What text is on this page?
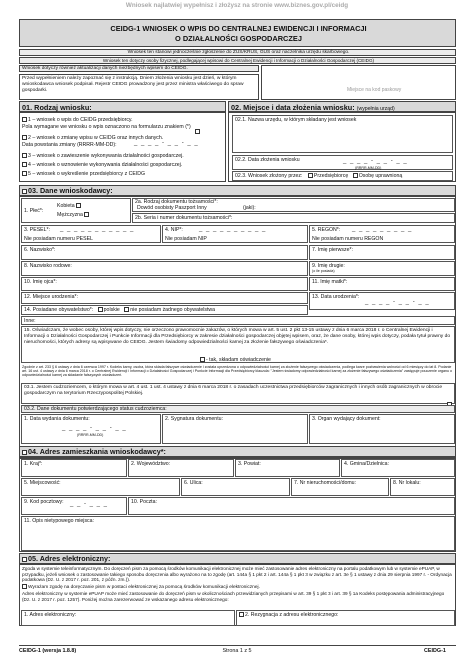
Wniosek najlatwiej wypełnisz i złożysz na stronie www.biznes.gov.pl/ceidg
CEIDG-1 WNIOSEK O WPIS DO CENTRALNEJ EWIDENCJI I INFORMACJI
O DZIAŁALNOŚCI GOSPODARCZEJ
Wniosek ten stanowi jednocześnie zgłoszenie do ZUS/KRUS, GUS oraz naczelnika urzędu skarbowego.
Wniosek ten dotyczy osoby fizycznej, podlegającej wpisowi do Centralnej Ewidencji i Informacji o Działalności Gospodarczej (CEIDG)
Wniosek dotyczy również aktualizacji danych niezbędnych wpisem do CEIDG.
Przed wypełnieniem należy zapoznać się z instrukcją. Dniem złożenia wniosku jest dzień, w którym wnioskodawca wniosek podpisał. Rejestr CEIDG prowadzony jest przez ministra właściwego do spraw gospodarki.	Miejsce na kod paskowy
01. Rodzaj wniosku:	02. Miejsce i data złożenia wniosku: (wypełnia urząd)
1 – wniosek o wpis do CEIDG przedsiębiorcy.
Pola wymagane we wniosku o wpis oznaczono na formularzu znakiem (*)
2 – wniosek o zmianę wpisu w CEIDG oraz innych danych.
Data powstania zmiany (RRRR-MM-DD):	_ _ _ _ - _ _ - _ _
3 – wniosek o zawieszenie wykonywania działalności gospodarczej.
4 – wniosek o wznowienie wykonywania działalności gospodarczej.
5 – wniosek o wykreślenie przedsiębiorcy z CEIDG
02.1. Nazwa urzędu, w którym składany jest wniosek
02.2. Data złożenia wniosku	_ _ _ _ - _ _ - _ _
(RRRR-MM-DD)
02.3. Wniosek złożony przez: Przedsiębiorcę Osobę uprawnioną
03. Dane wnioskodawcy:
1. Płeć*:
Kobieta
Mężczyzna
2a. Rodzaj dokumentu tożsamości*:
Dowód osobisty Paszport Inny	(jaki):
2b. Seria i numer dokumentu tożsamości*:
3. PESEL*: _ _ _ _ _ _ _ _ _ _ _
Nie posiadam numeru PESEL
4. NIP*:	_ _ _ _ _ _ _ _ _ _
Nie posiadam NIP
5. REGON*: _ _ _ _ _ _ _ _ _
Nie posiadam numeru REGON
6. Nazwisko*:	7. Imię pierwsze*:
8. Nazwisko rodowe:	9. Imię drugie:
(o ile posiada)
10. Imię ojca*:	11. Imię matki*:
12. Miejsce urodzenia*:	13. Data urodzenia*:
_ _ _ _ - _ _ - _ _
14. Posiadane obywatelstwo*: polskie nie posiadam żadnego obywatelstwa
Inne:
15. Oświadczam, że wobec osoby, której wpis dotyczy, nie orzeczono prawomocnie zakazów, o których mowa w art. 5 ust. 2 pkt 13-15 ustawy z dnia 6 marca 2018 r. o Centralnej Ewidencji i Informacji o Działalności Gospodarczej i Punkcie Informacji dla Przedsiębiorcy w zakresie działalności gospodarczej objętej wpisem, oraz, że dane osoby, której wpis dotyczy, podała tytuł prawny do nieruchomości, których adresy są wpisywane do CEIDG. Jestem świadomy odpowiedzialności karnej za złożenie fałszywego oświadczenia*.
- tak, składam oświadczenie
Zgodnie z art. 233 § 6 ustawy z dnia 6 czerwca 1997 r. Kodeks karny, osoba, która składa fałszywe oświadczenie i została uprzedzona o odpowiedzialności karnej za złożenie fałszywego oświadczenia, podlega karze pozbawienia wolności od 6 miesięcy do lat 8. Podanie art. 16 ust. 4 ustawy z dnia 6 marca 2018 r. o Centralnej Ewidencji i Informacji o Działalności Gospodarczej i Punkcie Informacji dla Przedsiębiorcy klauzula: "Jestem świadomy odpowiedzialności karnej za złożenie fałszywego oświadczenia" zastępuje pouczenie organu o odpowiedzialności karnej za składanie fałszywych oświadczeń.
03.1. Jestem cudzoziemcem, o którym mowa w art. 4 ust. 1 ust. 4 ustawy z dnia 6 marca 2018 r. o zasadach uczestnictwa przedsiębiorców zagranicznych i innych osób zagranicznych w obrocie gospodarczym na terytorium Rzeczypospolitej Polskiej.
03.2. Dane dokumentu potwierdzającego status cudzoziemca:
1. Data wydania dokumentu:
_ _ _ _ - _ _ - _ _
(RRRR-MM-DD)
2. Sygnatura dokumentu:	3. Organ wydający dokument:
04. Adres zamieszkania wnioskodawcy*:
1. Kraj*:	2. Województwo:	3. Powiat:	4. Gmina/Dzielnica:
5. Miejscowość:	6. Ulica:	7. Nr nieruchomości/domu:	8. Nr lokalu:
9. Kod pocztowy: _ _ - _ _ _	10. Poczta:
11. Opis nietypowego miejsca:
05. Adres elektroniczny:
Zgoda w systemie teleinformatycznym. Do doręczeń pism za pomocą środków komunikacji elektronicznej może mieć zastosowanie adres elektroniczny na portalu podatkowym lub w systemie ePUAP, w przypadku, jeżeli wniosek o zastosowanie takiego sposobu doręczenia albo wyrażono na to zgodę (art. 144a § 1 pkt 2 i art. 144a § 1 pkt 3 w związku z art. 3e § 1 ustawy z dnia 29 sierpnia 1997 r. - Ordynacja podatkowa (Dz. U. z 2017 r. poz. 201, z późn. zm.)).
Wyrażam zgodę na doręczanie pism w postaci elektronicznej za pomocą środków komunikacji elektronicznej.
Adres elektroniczny w systemie ePUAP może mieć zastosowanie do doręczeń pism w okolicznościach przewidzianych przepisami w art. 39 § 1 pkt 3 i art. 39 § 1a Kodeks postępowania administracyjnego (Dz. U. z 2017 r. poz. 1257). Poniżej można zarezerwować ze wskazanego adresu elektronicznego:
1. Adres elektroniczny:	2. Rezygnacja z adresu elektronicznego:
CEIDG-1 (wersja 1.8.8)	Strona 1 z 5	CEIDG-1
